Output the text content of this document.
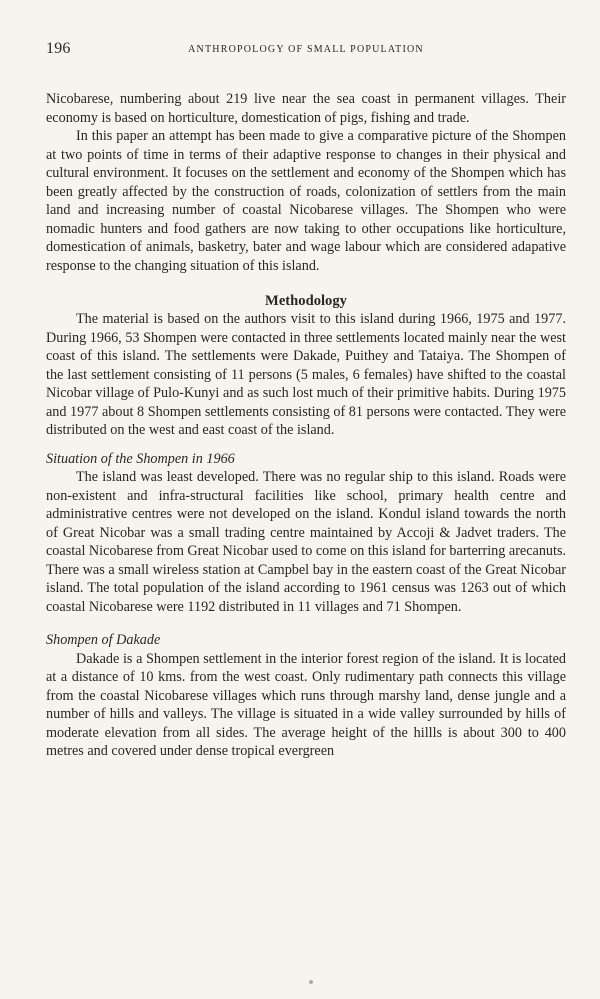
196	ANTHROPOLOGY OF SMALL POPULATION

Nicobarese, numbering about 219 live near the sea coast in permanent villages. Their economy is based on horticulture, domestication of pigs, fishing and trade.

In this paper an attempt has been made to give a comparative picture of the Shompen at two points of time in terms of their adaptive response to changes in their physical and cultural environment. It focuses on the settlement and economy of the Shompen which has been greatly affected by the construction of roads, colonization of settlers from the main land and increasing number of coastal Nicobarese villages. The Shompen who were nomadic hunters and food gathers are now taking to other occupations like horticulture, domestication of animals, basketry, bater and wage labour which are considered adapative response to the changing situation of this island.

Methodology

The material is based on the authors visit to this island during 1966, 1975 and 1977. During 1966, 53 Shompen were contacted in three settlements located mainly near the west coast of this island. The settlements were Dakade, Puithey and Tataiya. The Shompen of the last settlement consisting of 11 persons (5 males, 6 females) have shifted to the coastal Nicobar village of Pulo-Kunyi and as such lost much of their primitive habits. During 1975 and 1977 about 8 Shompen settlements consisting of 81 persons were contacted. They were distributed on the west and east coast of the island.

Situation of the Shompen in 1966

The island was least developed. There was no regular ship to this island. Roads were non-existent and infra-structural facilities like school, primary health centre and administrative centres were not developed on the island. Kondul island towards the north of Great Nicobar was a small trading centre maintained by Accoji & Jadvet traders. The coastal Nicobarese from Great Nicobar used to come on this island for barterring arecanuts. There was a small wireless station at Campbel bay in the eastern coast of the Great Nicobar island. The total population of the island according to 1961 census was 1263 out of which coastal Nicobarese were 1192 distributed in 11 villages and 71 Shompen.

Shompen of Dakade

Dakade is a Shompen settlement in the interior forest region of the island. It is located at a distance of 10 kms. from the west coast. Only rudimentary path connects this village from the coastal Nicobarese villages which runs through marshy land, dense jungle and a number of hills and valleys. The village is situated in a wide valley surrounded by hills of moderate elevation from all sides. The average height of the hillls is about 300 to 400 metres and covered under dense tropical evergreen
